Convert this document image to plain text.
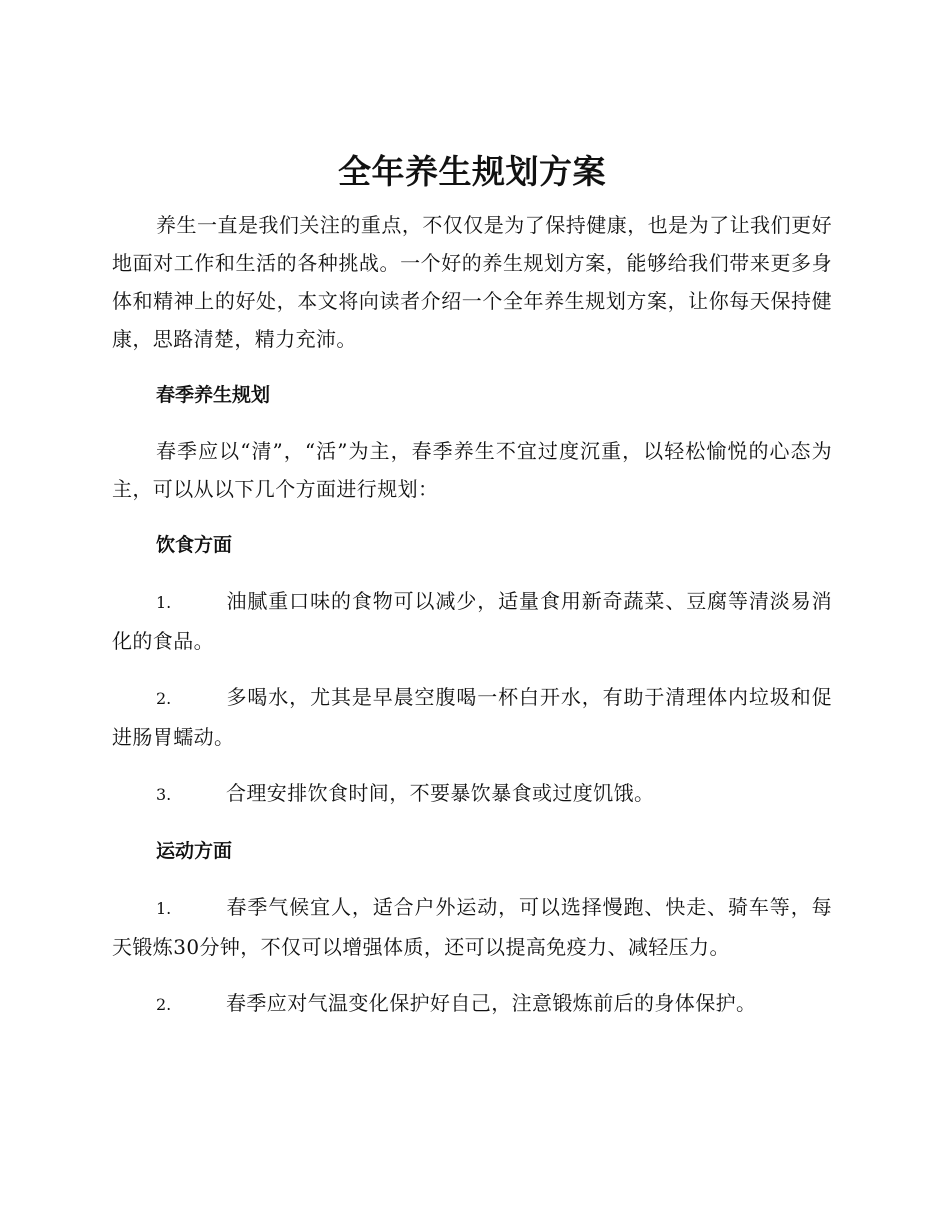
全年养生规划方案

养生一直是我们关注的重点，不仅仅是为了保持健康，也是为了让我们更好地面对工作和生活的各种挑战。一个好的养生规划方案，能够给我们带来更多身体和精神上的好处，本文将向读者介绍一个全年养生规划方案，让你每天保持健康，思路清楚，精力充沛。

春季养生规划

春季应以“清”，“活”为主，春季养生不宜过度沉重，以轻松愉悦的心态为主，可以从以下几个方面进行规划：

饮食方面

1.	油腻重口味的食物可以减少，适量食用新奇蔬菜、豆腐等清淡易消化的食品。

2.	多喝水，尤其是早晨空腹喝一杯白开水，有助于清理体内垃圾和促进肠胃蠕动。

3.	合理安排饮食时间，不要暴饮暴食或过度饥饿。

运动方面

1.	春季气候宜人，适合户外运动，可以选择慢跑、快走、骑车等，每天锻炼30分钟，不仅可以增强体质，还可以提高免疫力、减轻压力。

2.	春季应对气温变化保护好自己，注意锻炼前后的身体保护。
